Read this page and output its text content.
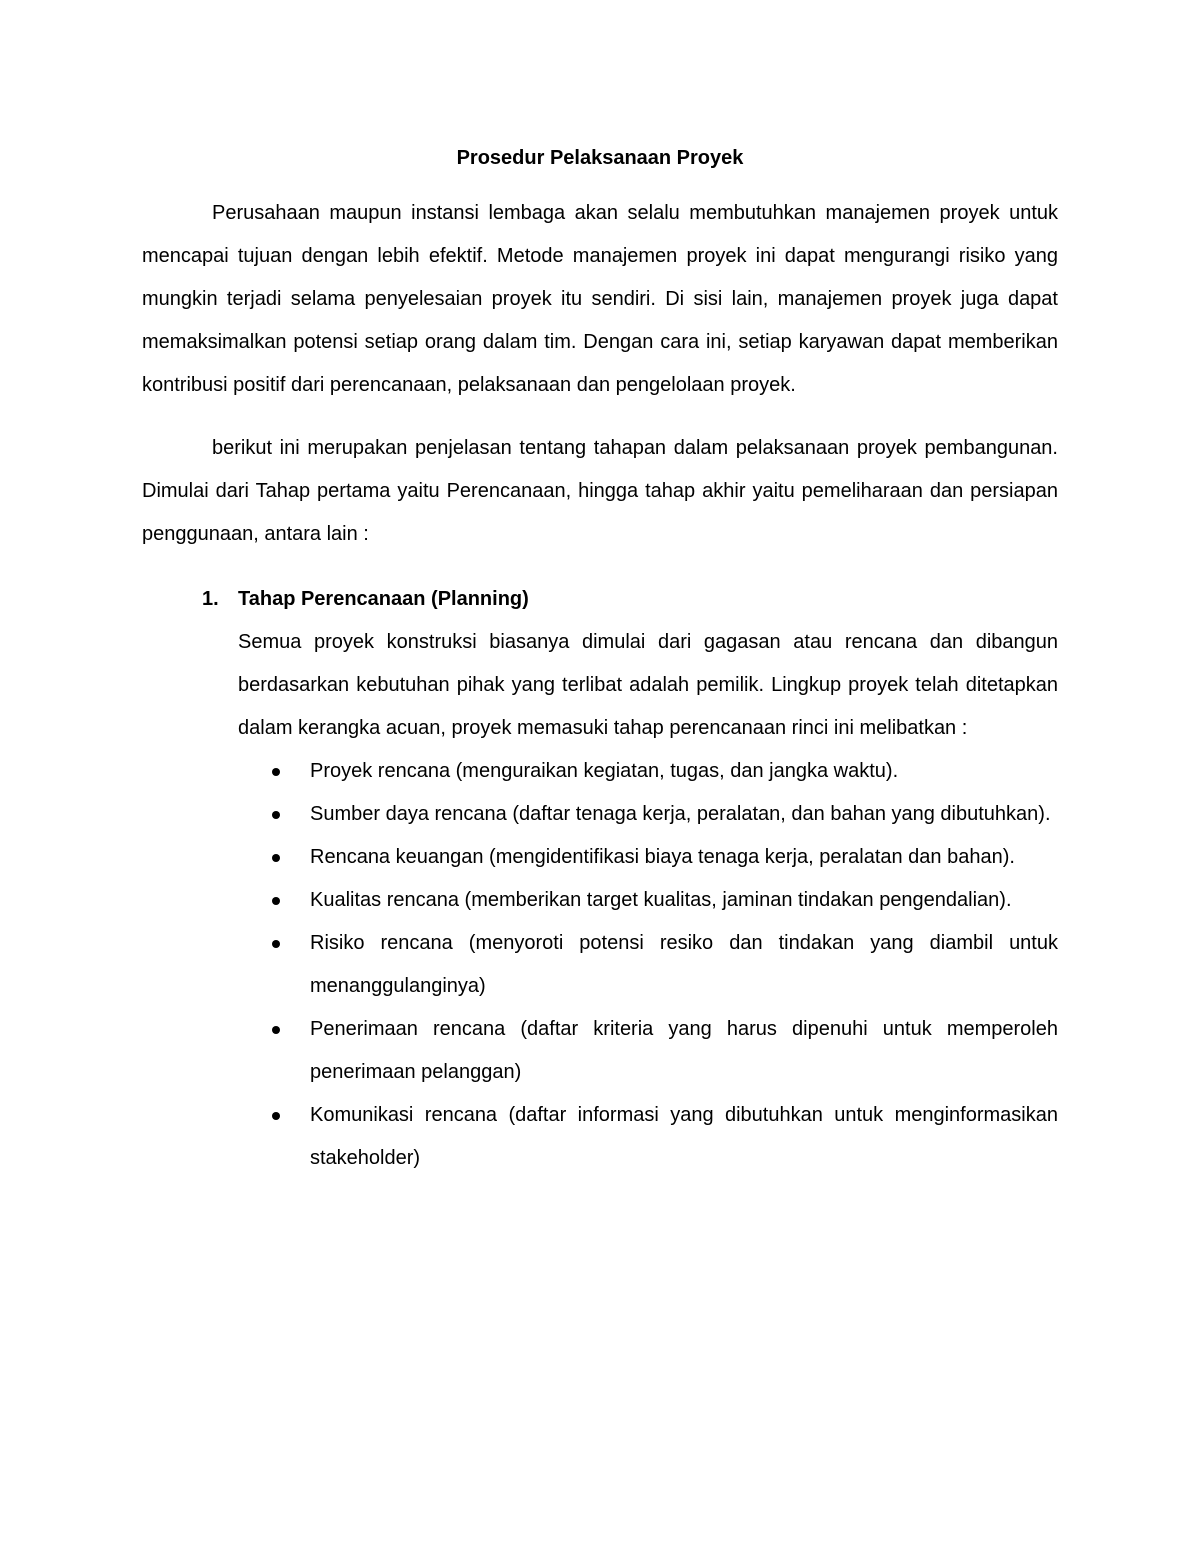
Prosedur Pelaksanaan Proyek

Perusahaan maupun instansi lembaga akan selalu membutuhkan manajemen proyek untuk mencapai tujuan dengan lebih efektif. Metode manajemen proyek ini dapat mengurangi risiko yang mungkin terjadi selama penyelesaian proyek itu sendiri. Di sisi lain, manajemen proyek juga dapat memaksimalkan potensi setiap orang dalam tim. Dengan cara ini, setiap karyawan dapat memberikan kontribusi positif dari perencanaan, pelaksanaan dan pengelolaan proyek.

berikut ini merupakan penjelasan tentang tahapan dalam pelaksanaan proyek pembangunan. Dimulai dari Tahap pertama yaitu Perencanaan, hingga tahap akhir yaitu pemeliharaan dan persiapan penggunaan, antara lain :

1. Tahap Perencanaan (Planning)

Semua proyek konstruksi biasanya dimulai dari gagasan atau rencana dan dibangun berdasarkan kebutuhan pihak yang terlibat adalah pemilik. Lingkup proyek telah ditetapkan dalam kerangka acuan, proyek memasuki tahap perencanaan rinci ini melibatkan :

Proyek rencana (menguraikan kegiatan, tugas, dan jangka waktu).
Sumber daya rencana (daftar tenaga kerja, peralatan, dan bahan yang dibutuhkan).
Rencana keuangan (mengidentifikasi biaya tenaga kerja, peralatan dan bahan).
Kualitas rencana (memberikan target kualitas, jaminan tindakan pengendalian).
Risiko rencana (menyoroti potensi resiko dan tindakan yang diambil untuk menanggulanginya)
Penerimaan rencana (daftar kriteria yang harus dipenuhi untuk memperoleh penerimaan pelanggan)
Komunikasi rencana (daftar informasi yang dibutuhkan untuk menginformasikan stakeholder)
